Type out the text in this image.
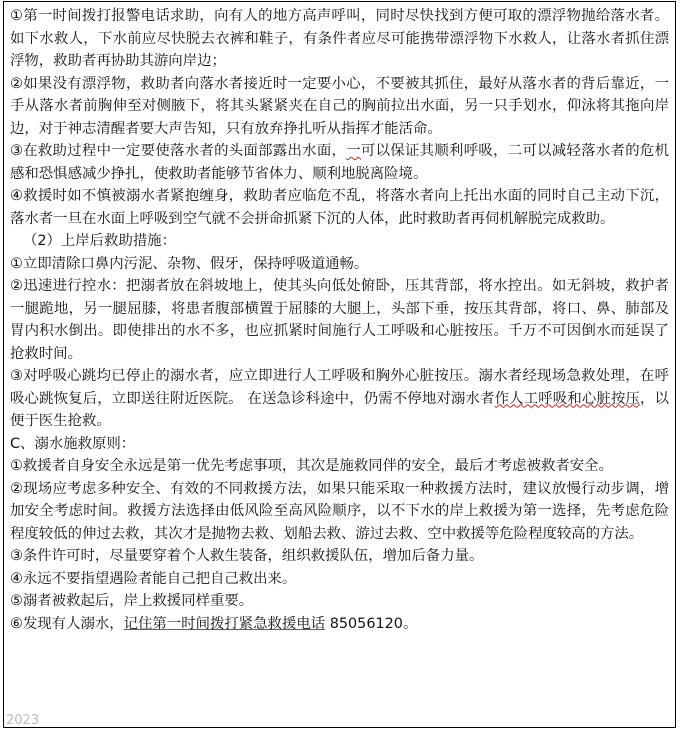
①第一时间拨打报警电话求助，向有人的地方高声呼叫，同时尽快找到方便可取的漂浮物抛给落水者。如下水救人，下水前应尽快脱去衣裤和鞋子，有条件者应尽可能携带漂浮物下水救人，让落水者抓住漂浮物，救助者再协助其游向岸边；

②如果没有漂浮物，救助者向落水者接近时一定要小心，不要被其抓住，最好从落水者的背后靠近，一手从落水者前胸伸至对侧腋下，将其头紧紧夹在自己的胸前拉出水面，另一只手划水，仰泳将其拖向岸边，对于神志清醒者要大声告知，只有放弃挣扎听从指挥才能活命。

③在救助过程中一定要使落水者的头面部露出水面，一可以保证其顺利呼吸，二可以减轻落水者的危机感和恐惧感减少挣扎，使救助者能够节省体力、顺利地脱离险境。

④救援时如不慎被溺水者紧抱缠身，救助者应临危不乱，将落水者向上托出水面的同时自己主动下沉，落水者一旦在水面上呼吸到空气就不会拼命抓紧下沉的人体，此时救助者再伺机解脱完成救助。

（2）上岸后救助措施：

①立即清除口鼻内污泥、杂物、假牙，保持呼吸道通畅。

②迅速进行控水：把溺者放在斜坡地上，使其头向低处俯卧，压其背部，将水控出。如无斜坡，救护者一腿跪地，另一腿屈膝，将患者腹部横置于屈膝的大腿上，头部下垂，按压其背部，将口、鼻、肺部及胃内积水倒出。即使排出的水不多，也应抓紧时间施行人工呼吸和心脏按压。千万不可因倒水而延误了抢救时间。

③对呼吸心跳均已停止的溺水者，应立即进行人工呼吸和胸外心脏按压。溺水者经现场急救处理，在呼吸心跳恢复后，立即送往附近医院。 在送急诊科途中，仍需不停地对溺水者作人工呼吸和心脏按压，以便于医生抢救。

C、溺水施救原则：

①救援者自身安全永远是第一优先考虑事项，其次是施救同伴的安全，最后才考虑被救者安全。

②现场应考虑多种安全、有效的不同救援方法，如果只能采取一种救援方法时，建议放慢行动步调，增加安全考虑时间。救援方法选择由低风险至高风险顺序，以不下水的岸上救援为第一选择，先考虑危险程度较低的伸过去救，其次才是抛物去救、划船去救、游过去救、空中救援等危险程度较高的方法。

③条件许可时，尽量要穿着个人救生装备，组织救援队伍，增加后备力量。

④永远不要指望遇险者能自己把自己救出来。

⑤溺者被救起后，岸上救援同样重要。

⑥发现有人溺水，记住第一时间拨打紧急救援电话 85056120。

2023
